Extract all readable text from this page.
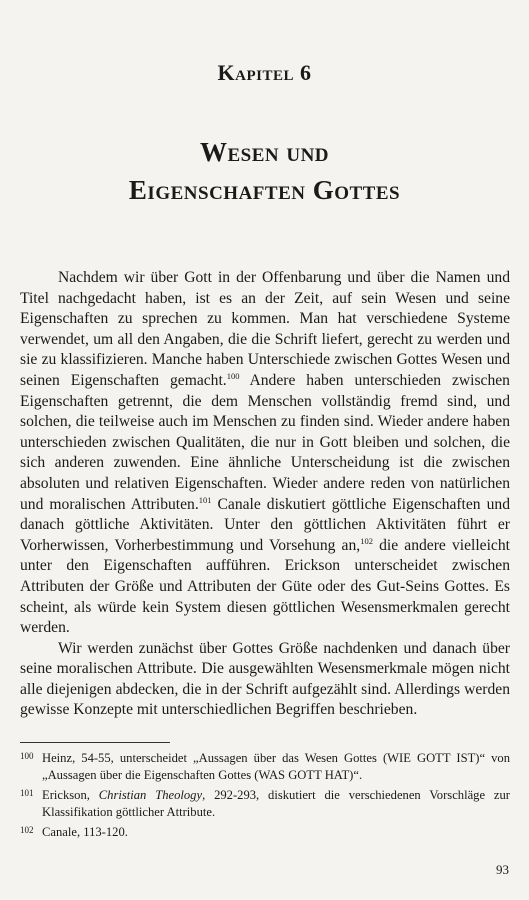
Kapitel 6
Wesen und
Eigenschaften Gottes

Nachdem wir über Gott in der Offenbarung und über die Namen und Titel nachgedacht haben, ist es an der Zeit, auf sein Wesen und seine Eigenschaften zu sprechen zu kommen. Man hat verschiedene Systeme verwendet, um all den Angaben, die die Schrift liefert, gerecht zu werden und sie zu klassifizieren. Manche haben Unterschiede zwischen Gottes Wesen und seinen Eigenschaften gemacht.$^{100}$ Andere haben unterschieden zwischen Eigenschaften getrennt, die dem Menschen vollständig fremd sind, und solchen, die teilweise auch im Menschen zu finden sind. Wieder andere haben unterschieden zwischen Qualitäten, die nur in Gott bleiben und solchen, die sich anderen zuwenden. Eine ähnliche Unterscheidung ist die zwischen absoluten und relativen Eigenschaften. Wieder andere reden von natürlichen und moralischen Attributen.$^{101}$ Canale diskutiert göttliche Eigenschaften und danach göttliche Aktivitäten. Unter den göttlichen Aktivitäten führt er Vorherwissen, Vorherbestimmung und Vorsehung an,$^{102}$ die andere vielleicht unter den Eigenschaften aufführen. Erickson unterscheidet zwischen Attributen der Größe und Attributen der Güte oder des Gut-Seins Gottes. Es scheint, als würde kein System diesen göttlichen Wesensmerkmalen gerecht werden.

Wir werden zunächst über Gottes Größe nachdenken und danach über seine moralischen Attribute. Die ausgewählten Wesensmerkmale mögen nicht alle diejenigen abdecken, die in der Schrift aufgezählt sind. Allerdings werden gewisse Konzepte mit unterschiedlichen Begriffen beschrieben.

100 Heinz, 54-55, unterscheidet „Aussagen über das Wesen Gottes (WIE GOTT IST)“ von „Aussagen über die Eigenschaften Gottes (WAS GOTT HAT)“.
101 Erickson, Christian Theology, 292-293, diskutiert die verschiedenen Vorschläge zur Klassifikation göttlicher Attribute.
102 Canale, 113-120.
93
